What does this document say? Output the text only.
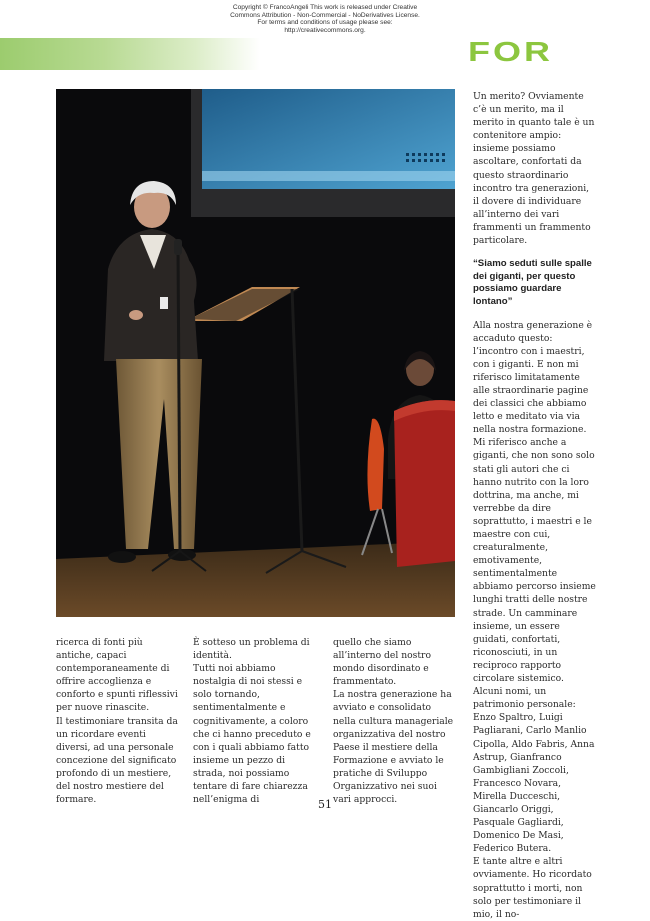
Copyright © FrancoAngeli This work is released under Creative
Commons Attribution - Non-Commercial - NoDerivatives License.
For terms and conditions of usage please see:
http://creativecommons.org.
FOR

Un merito? Ovviamente c’è un merito, ma il merito in quanto tale è un contenitore ampio: insieme possiamo ascoltare, confortati da questo straordinario incontro tra generazioni, il dovere di individuare all’interno dei vari frammenti un frammento particolare.

“Siamo seduti sulle spalle dei giganti, per questo possiamo guardare lontano”

Alla nostra generazione è accaduto questo: l’incontro con i maestri, con i giganti. E non mi riferisco limitatamente alle straordinarie pagine dei classici che abbiamo letto e meditato via via nella nostra formazione. Mi riferisco anche a giganti, che non sono solo stati gli autori che ci hanno nutrito con la loro dottrina, ma anche, mi verrebbe da dire soprattutto, i maestri e le maestre con cui, creaturalmente, emotivamente, sentimentalmente abbiamo percorso insieme lunghi tratti delle nostre strade. Un camminare insieme, un essere guidati, confortati, riconosciuti, in un reciproco rapporto circolare sistemico.

Alcuni nomi, un patrimonio personale: Enzo Spaltro, Luigi Pagliarani, Carlo Manlio Cipolla, Aldo Fabris, Anna Astrup, Gianfranco Gambigliani Zoccoli, Francesco Novara, Mirella Ducceschi, Giancarlo Origgi, Pasquale Gagliardi, Domenico De Masi, Federico Butera.

E tante altre e altri ovviamente. Ho ricordato soprattutto i morti, non solo per testimoniare il mio, il no-

ricerca di fonti più antiche, capaci contemporaneamente di offrire accoglienza e conforto e spunti riflessivi per nuove rinascite.

Il testimoniare transita da un ricordare eventi diversi, ad una personale concezione del significato profondo di un mestiere, del nostro mestiere del formare.

È sotteso un problema di identità.

Tutti noi abbiamo nostalgia di noi stessi e solo tornando, sentimentalmente e cognitivamente, a coloro che ci hanno preceduto e con i quali abbiamo fatto insieme un pezzo di strada, noi possiamo tentare di fare chiarezza nell’enigma di

quello che siamo all’interno del nostro mondo disordinato e frammentato.

La nostra generazione ha avviato e consolidato nella cultura manageriale organizzativa del nostro Paese il mestiere della Formazione e avviato le pratiche di Sviluppo Organizzativo nei suoi vari approcci.

51
